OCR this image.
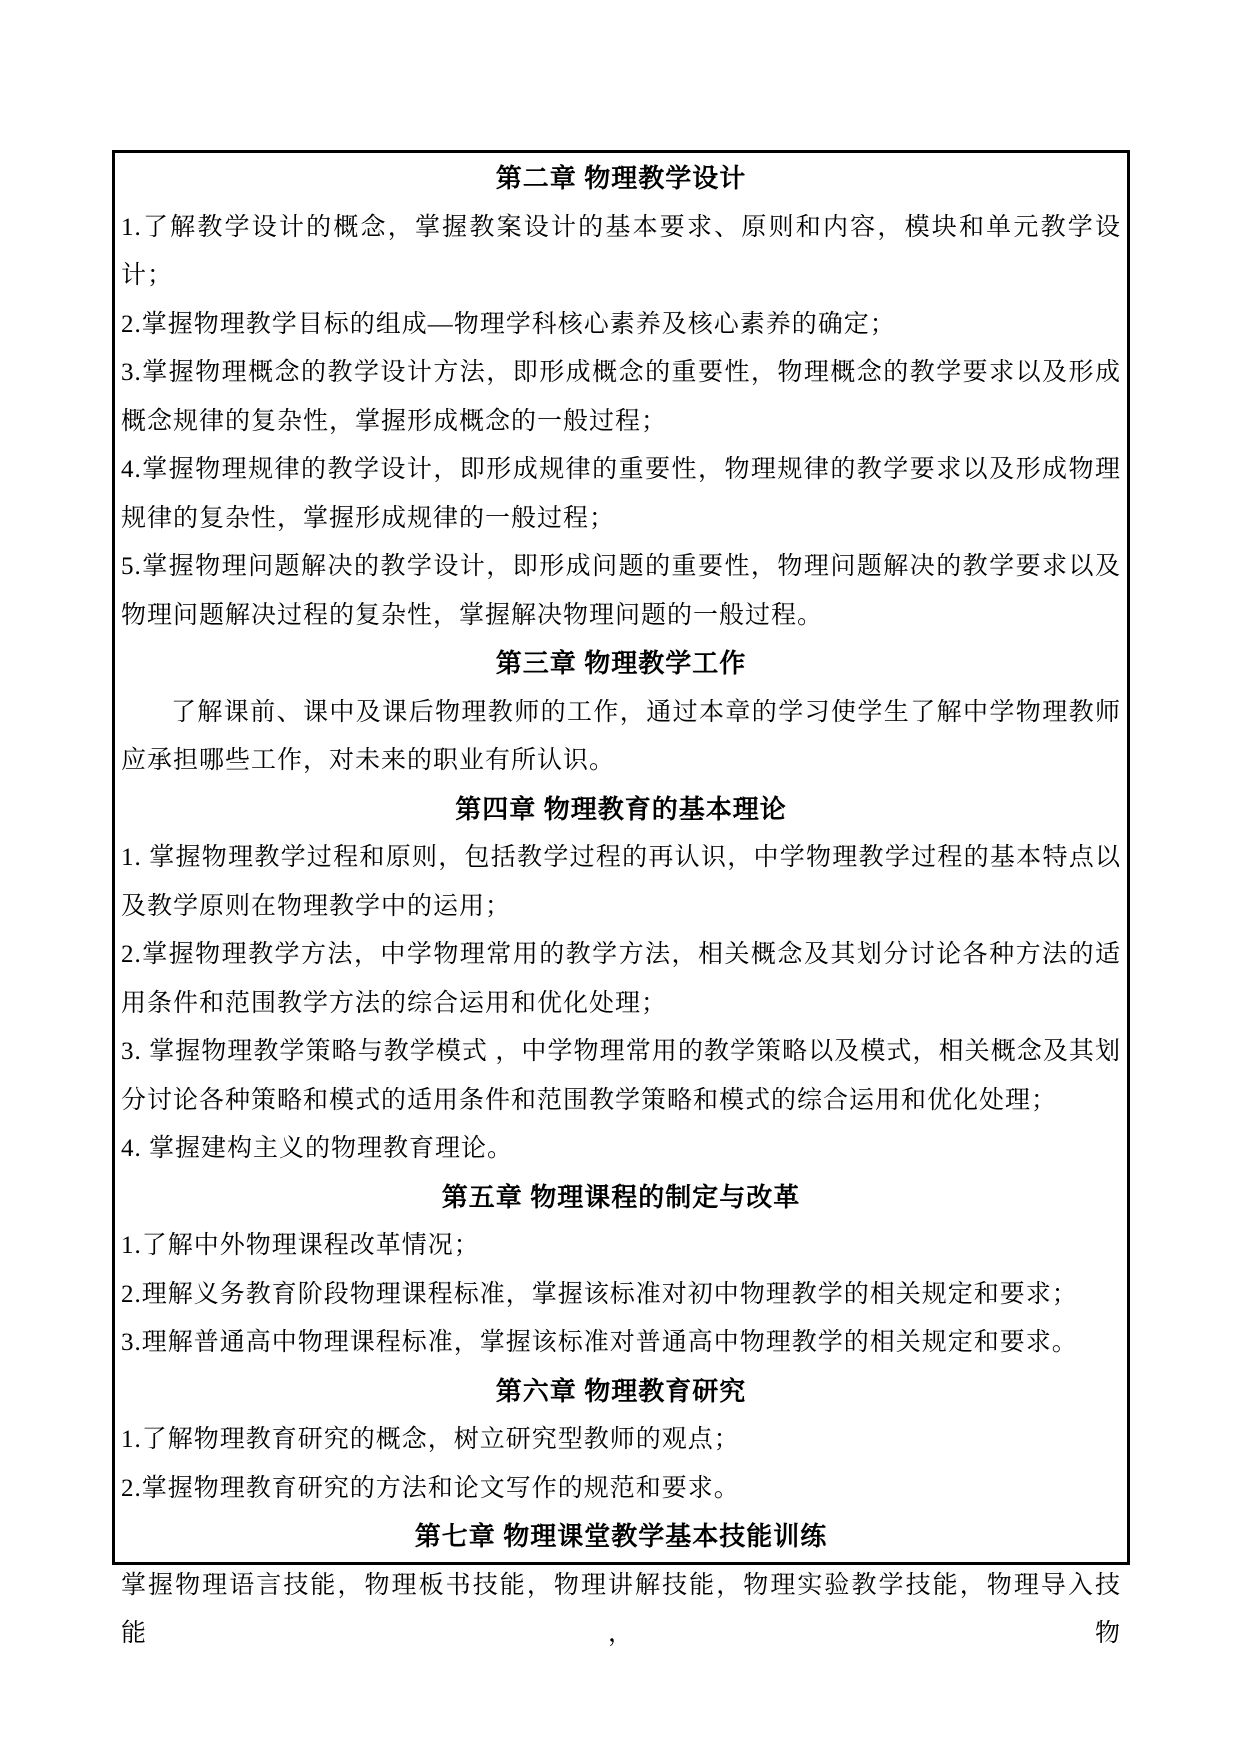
第二章 物理教学设计

1.了解教学设计的概念，掌握教案设计的基本要求、原则和内容，模块和单元教学设计；

2.掌握物理教学目标的组成—物理学科核心素养及核心素养的确定；

3.掌握物理概念的教学设计方法，即形成概念的重要性，物理概念的教学要求以及形成概念规律的复杂性，掌握形成概念的一般过程；

4.掌握物理规律的教学设计，即形成规律的重要性，物理规律的教学要求以及形成物理规律的复杂性，掌握形成规律的一般过程；

5.掌握物理问题解决的教学设计，即形成问题的重要性，物理问题解决的教学要求以及物理问题解决过程的复杂性，掌握解决物理问题的一般过程。

第三章 物理教学工作

了解课前、课中及课后物理教师的工作，通过本章的学习使学生了解中学物理教师应承担哪些工作，对未来的职业有所认识。

第四章 物理教育的基本理论

1. 掌握物理教学过程和原则，包括教学过程的再认识，中学物理教学过程的基本特点以及教学原则在物理教学中的运用；

2.掌握物理教学方法，中学物理常用的教学方法，相关概念及其划分讨论各种方法的适用条件和范围教学方法的综合运用和优化处理；

3. 掌握物理教学策略与教学模式 ，中学物理常用的教学策略以及模式，相关概念及其划分讨论各种策略和模式的适用条件和范围教学策略和模式的综合运用和优化处理；

4. 掌握建构主义的物理教育理论。

第五章 物理课程的制定与改革

1.了解中外物理课程改革情况；

2.理解义务教育阶段物理课程标准，掌握该标准对初中物理教学的相关规定和要求；

3.理解普通高中物理课程标准，掌握该标准对普通高中物理教学的相关规定和要求。

第六章 物理教育研究

1.了解物理教育研究的概念，树立研究型教师的观点；

2.掌握物理教育研究的方法和论文写作的规范和要求。

第七章 物理课堂教学基本技能训练

掌握物理语言技能，物理板书技能，物理讲解技能，物理实验教学技能，物理导入技能，物
